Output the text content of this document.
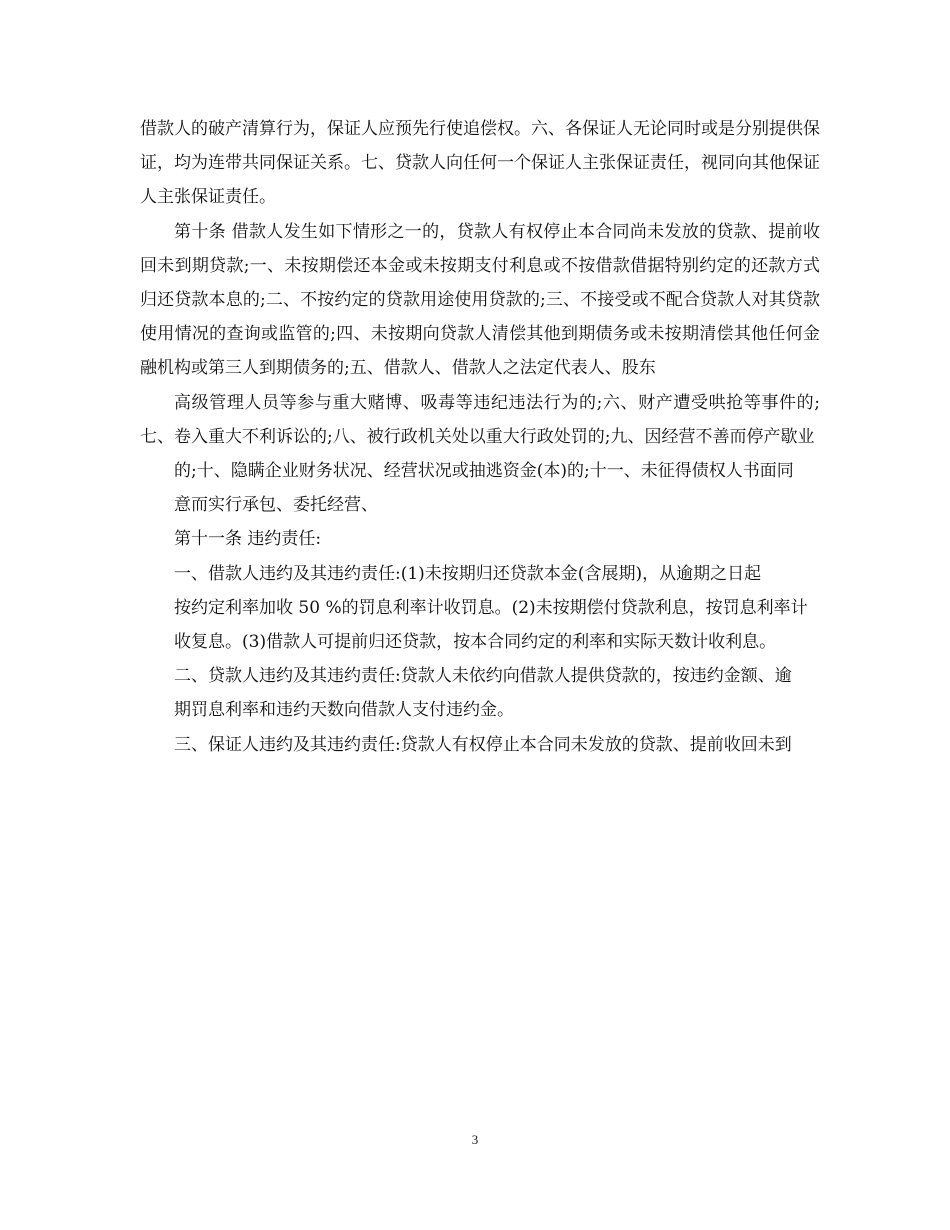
借款人的破产清算行为，保证人应预先行使追偿权。六、各保证人无论同时或是分别提供保证，均为连带共同保证关系。七、贷款人向任何一个保证人主张保证责任，视同向其他保证人主张保证责任。

第十条 借款人发生如下情形之一的，贷款人有权停止本合同尚未发放的贷款、提前收回未到期贷款;一、未按期偿还本金或未按期支付利息或不按借款借据特别约定的还款方式归还贷款本息的;二、不按约定的贷款用途使用贷款的;三、不接受或不配合贷款人对其贷款使用情况的查询或监管的;四、未按期向贷款人清偿其他到期债务或未按期清偿其他任何金融机构或第三人到期债务的;五、借款人、借款人之法定代表人、股东

高级管理人员等参与重大赌博、吸毒等违纪违法行为的;六、财产遭受哄抢等事件的;七、卷入重大不利诉讼的;八、被行政机关处以重大行政处罚的;九、因经营不善而停产歇业

的;十、隐瞒企业财务状况、经营状况或抽逃资金(本)的;十一、未征得债权人书面同

意而实行承包、委托经营、

第十一条 违约责任:

一、借款人违约及其违约责任:(1)未按期归还贷款本金(含展期)，从逾期之日起

按约定利率加收 50 %的罚息利率计收罚息。(2)未按期偿付贷款利息，按罚息利率计

收复息。(3)借款人可提前归还贷款，按本合同约定的利率和实际天数计收利息。

二、贷款人违约及其违约责任:贷款人未依约向借款人提供贷款的，按违约金额、逾

期罚息利率和违约天数向借款人支付违约金。

三、保证人违约及其违约责任:贷款人有权停止本合同未发放的贷款、提前收回未到

3
